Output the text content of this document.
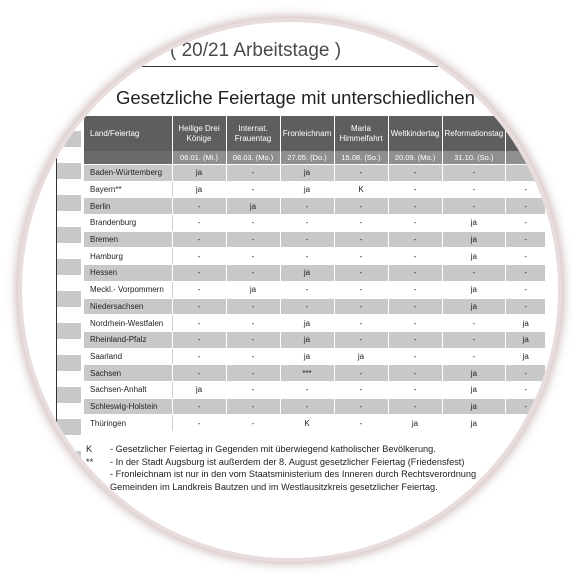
( 20/21 Arbeitstage )
Gesetzliche Feiertage mit unterschiedlichen
Land/Feiertag	Heilige Drei Könige	Internat. Frauentag	Fronleichnam	Maria Himmelfahrt	Weltkindertag	Reformationstag	
	06.01. (Mi.)	08.03. (Mo.)	27.05. (Do.)	15.08. (So.)	20.09. (Mo.)	31.10. (So.)	
Baden-Württemberg	ja	-	ja	-	-	-	
Bayern**	ja	-	ja	K	-	-	-
Berlin	-	ja	-	-	-	-	-
Brandenburg	-	-	-	-	-	ja	-
Bremen	-	-	-	-	-	ja	-
Hamburg	-	-	-	-	-	ja	-
Hessen	-	-	ja	-	-	-	-
Meckl.- Vorpommern	-	ja	-	-	-	ja	-
Niedersachsen	-	-	-	-	-	ja	-
Nordrhein-Westfalen	-	-	ja	-	-	-	ja
Rheinland-Pfalz	-	-	ja	-	-	-	ja
Saarland	-	-	ja	ja	-	-	ja
Sachsen	-	-	***	-	-	ja	-
Sachsen-Anhalt	ja	-	-	-	-	ja	-
Schleswig-Holstein	-	-	-	-	-	ja	-
Thüringen	-	-	K	-	ja	ja	-
K	- Gesetzlicher Feiertag in Gegenden mit überwiegend katholischer Bevölkerung.
**	- In der Stadt Augsburg ist außerdem der 8. August gesetzlicher Feiertag (Friedensfest)
*	- Fronleichnam ist nur in den vom Staatsministerium des Inneren durch Rechtsverordnung
Gemeinden im Landkreis Bautzen und im Westlausitzkreis gesetzlicher Feiertag.
